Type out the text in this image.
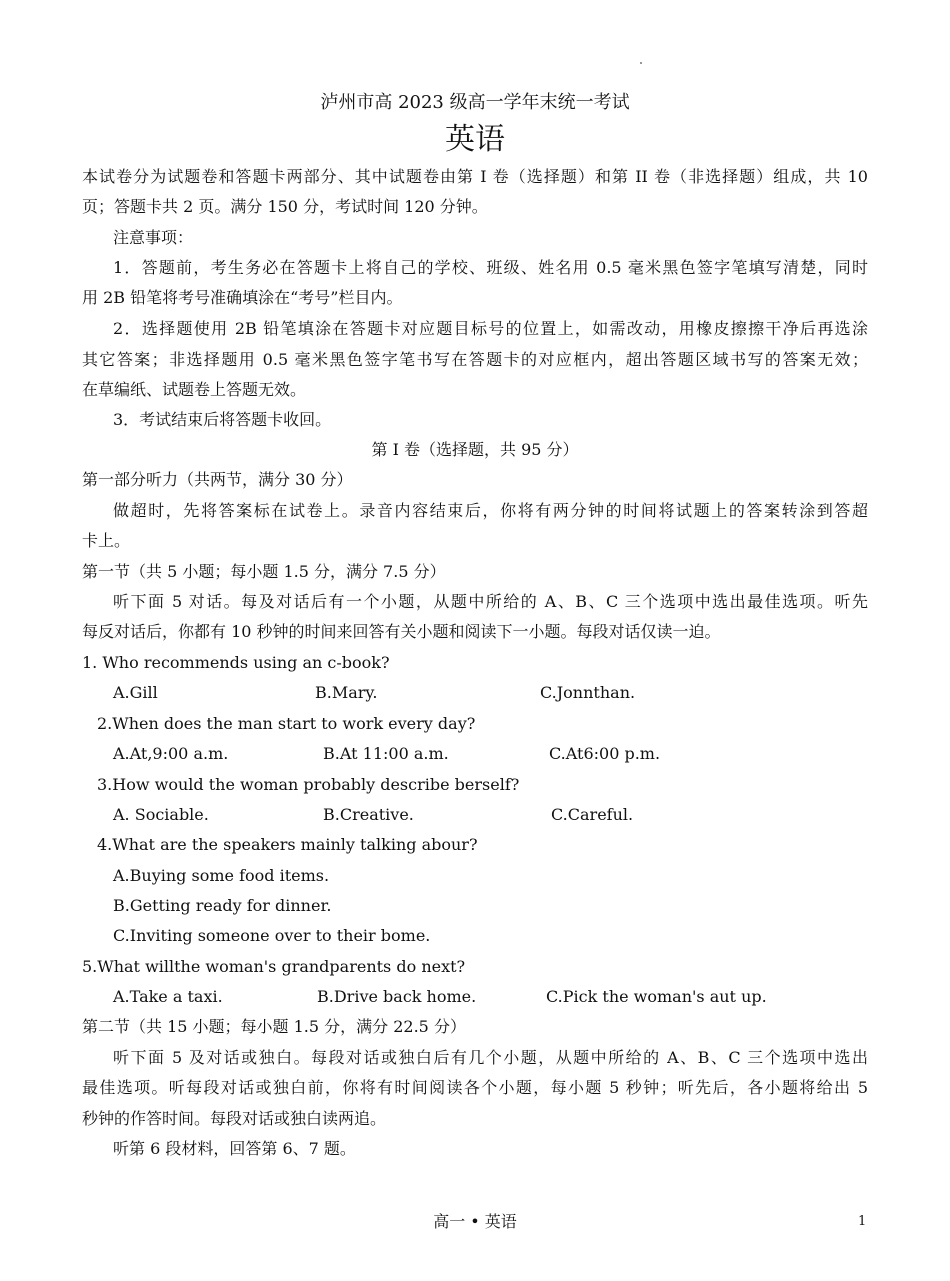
泸州市高 2023 级高一学年末统一考试
英语
本试卷分为试题卷和答题卡两部分、其中试题卷由第 I 卷（选择题）和第 II 卷（非选择题）组成，共 10
页；答题卡共 2 页。满分 150 分，考试时间 120 分钟。
注意事项：
1．答题前，考生务必在答题卡上将自己的学校、班级、姓名用 0.5 毫米黑色签字笔填写清楚，同时
用 2B 铅笔将考号准确填涂在“考号”栏目内。
2．选择题使用 2B 铅笔填涂在答题卡对应题目标号的位置上，如需改动，用橡皮擦擦干净后再选涂
其它答案；非选择题用 0.5 毫米黑色签字笔书写在答题卡的对应框内，超出答题区域书写的答案无效；
在草编纸、试题卷上答题无效。
3．考试结束后将答题卡收回。
第 I 卷（选择题，共 95 分）
第一部分听力（共两节，满分 30 分）
做超时，先将答案标在试卷上。录音内容结束后，你将有两分钟的时间将试题上的答案转涂到答超
卡上。
第一节（共 5 小题；每小题 1.5 分，满分 7.5 分）
听下面 5 对话。每及对话后有一个小题，从题中所给的 A、B、C 三个选项中选出最佳选项。听先
每反对话后，你都有 10 秒钟的时间来回答有关小题和阅读下一小题。每段对话仅读一迫。
1. Who recommends using an c-book?
A.Gill	B.Mary.	C.Jonnthan.
2.When does the man start to work every day?
A.At,9:00 a.m.	B.At 11:00 a.m.	C.At6:00 p.m.
3.How would the woman probably describe berself?
A. Sociable.	B.Creative.	C.Careful.
4.What are the speakers mainly talking abour?
A.Buying some food items.
B.Getting ready for dinner.
C.Inviting someone over to their bome.
5.What willthe woman's grandparents do next?
A.Take a taxi.	B.Drive back home.	C.Pick the woman's aut up.
第二节（共 15 小题；每小题 1.5 分，满分 22.5 分）
听下面 5 及对话或独白。每段对话或独白后有几个小题，从题中所给的 A、B、C 三个选项中选出
最佳选项。听每段对话或独白前，你将有时间阅读各个小题，每小题 5 秒钟；听先后，各小题将给出 5
秒钟的作答时间。每段对话或独白读两追。
听第 6 段材料，回答第 6、7 题。
高一 • 英语	1
